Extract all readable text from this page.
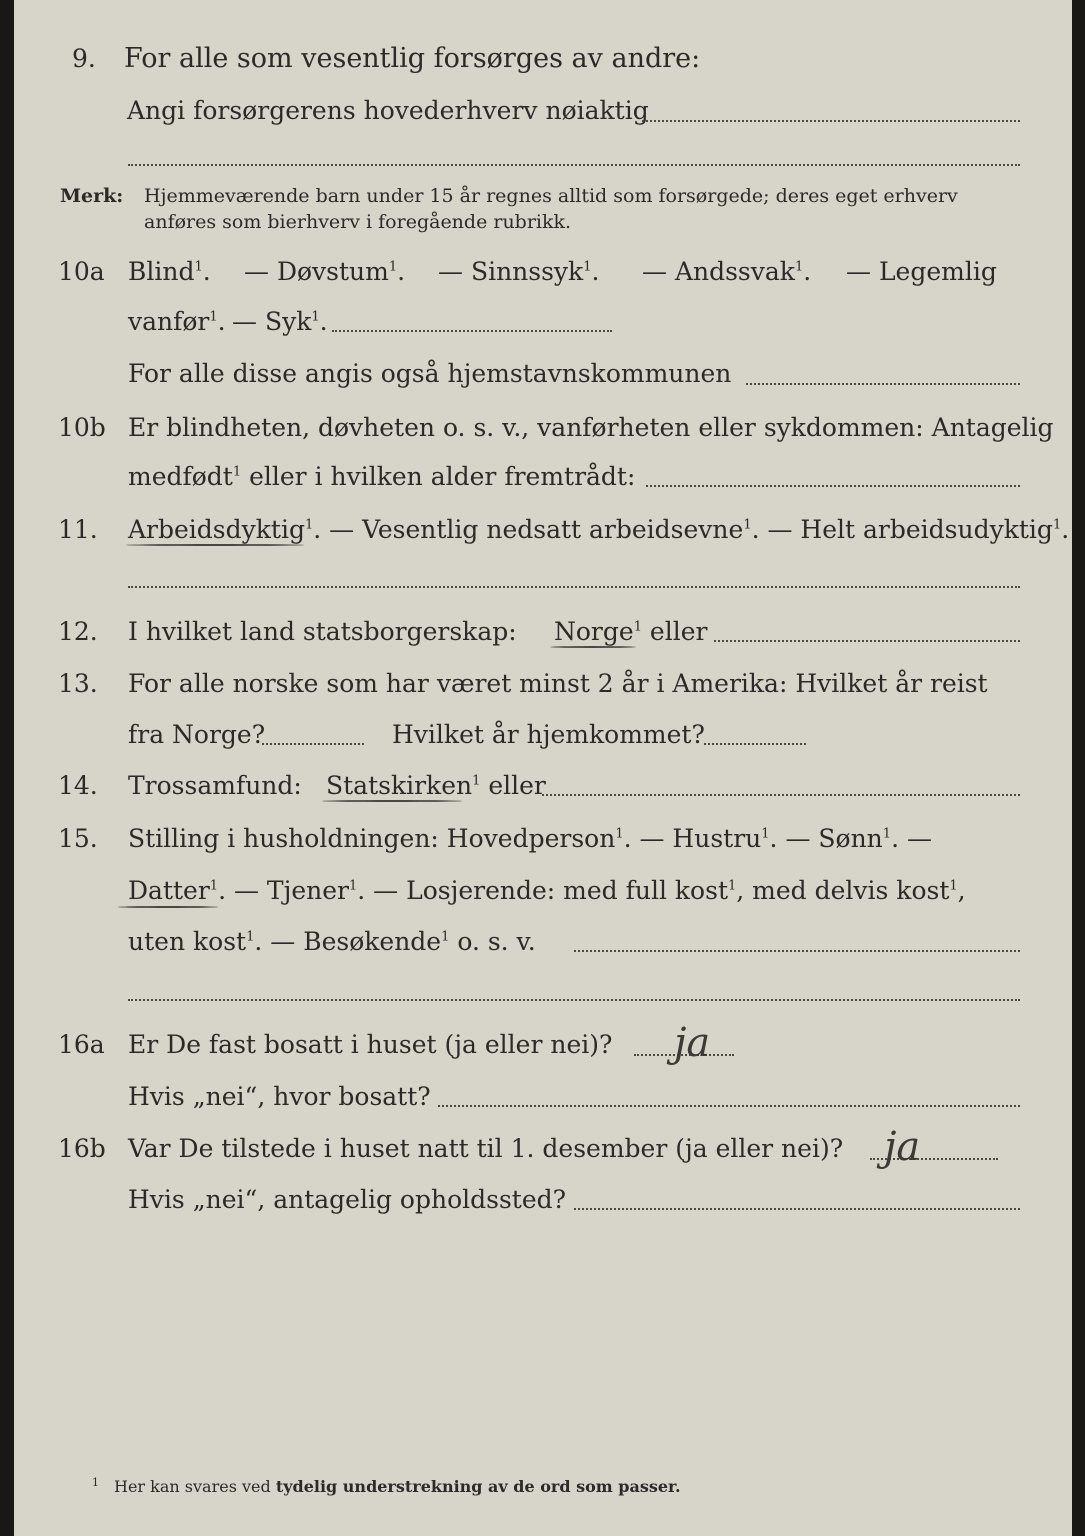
9. For alle som vesentlig forsørges av andre:
Angi forsørgerens hovederhverv nøiaktig
Merk: Hjemmeværende barn under 15 år regnes alltid som forsørgede; deres eget erhverv
anføres som bierhverv i foregående rubrikk.
10a Blind$^1$. — Døvstum$^1$. — Sinnssyk$^1$. — Andssvak$^1$. — Legemlig
vanfør$^1$. — Syk$^1$.
For alle disse angis også hjemstavnskommunen
10b Er blindheten, døvheten o. s. v., vanførheten eller sykdommen: Antagelig
medfødt$^1$ eller i hvilken alder fremtrådt:
11. Arbeidsdyktig$^1$. — Vesentlig nedsatt arbeidsevne$^1$. — Helt arbeidsudyktig$^1$.
12. I hvilket land statsborgerskap: Norge$^1$ eller
13. For alle norske som har været minst 2 år i Amerika: Hvilket år reist
fra Norge?	Hvilket år hjemkommet?
14. Trossamfund: Statskirken$^1$ eller
15. Stilling i husholdningen: Hovedperson$^1$. — Hustru$^1$. — Sønn$^1$. —
Datter$^1$. — Tjener$^1$. — Losjerende: med full kost$^1$, med delvis kost$^1$,
uten kost$^1$. — Besøkende$^1$ o. s. v.
16a Er De fast bosatt i huset (ja eller nei)? ja
Hvis „nei“, hvor bosatt?
16b Var De tilstede i huset natt til 1. desember (ja eller nei)? ja
Hvis „nei“, antagelig opholdssted?
1 Her kan svares ved tydelig understrekning av de ord som passer.
